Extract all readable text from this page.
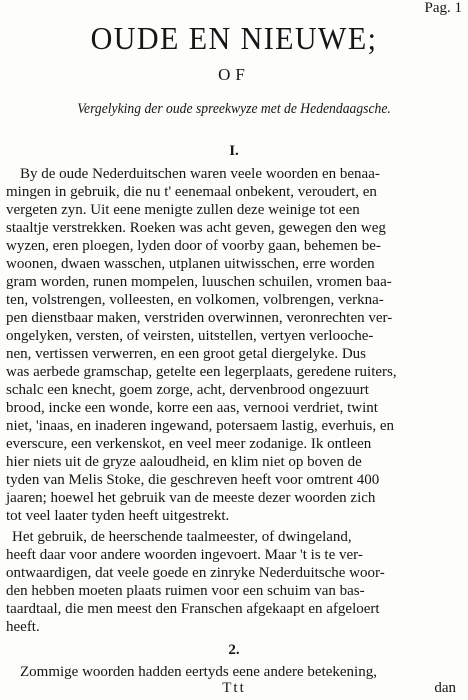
Pag. 1
OUDE EN NIEUWE;
OF
Vergelyking der oude spreekwyze met de Hedendaagsche.
I.
By de oude Nederduitschen waren veele woorden en benaa-
mingen in gebruik, die nu t' eenemaal onbekent, veroudert, en
vergeten zyn. Uit eene menigte zullen deze weinige tot een
staaltje verstrekken. Roeken was acht geven, gewegen den weg
wyzen, eren ploegen, lyden door of voorby gaan, behemen be-
woonen, dwaen wasschen, utplanen uitwisschen, erre worden
gram worden, runen mompelen, luuschen schuilen, vromen baa-
ten, volstrengen, volleesten, en volkomen, volbrengen, verkna-
pen dienstbaar maken, verstriden overwinnen, veronrechten ver-
ongelyken, versten, of veirsten, uitstellen, vertyen verlooche-
nen, vertissen verwerren, en een groot getal diergelyke. Dus
was aerbede gramschap, getelte een legerplaats, geredene ruiters,
schalc een knecht, goem zorge, acht, dervenbrood ongezuurt
brood, incke een wonde, korre een aas, vernooi verdriet, twint
niet, 'inaas, en inaderen ingewand, potersaem lastig, everhuis, en
everscure, een verkenskot, en veel meer zodanige. Ik ontleen
hier niets uit de gryze aaloudheid, en klim niet op boven de
tyden van Melis Stoke, die geschreven heeft voor omtrent 400
jaaren; hoewel het gebruik van de meeste dezer woorden zich
tot veel laater tyden heeft uitgestrekt.
Het gebruik, de heerschende taalmeester, of dwingeland,
heeft daar voor andere woorden ingevoert. Maar 't is te ver-
ontwaardigen, dat veele goede en zinryke Nederduitsche woor-
den hebben moeten plaats ruimen voor een schuim van bas-
taardtaal, die men meest den Franschen afgekaapt en afgeloert
heeft.
2.
Zommige woorden hadden eertyds eene andere betekening,
Ttt	dan
